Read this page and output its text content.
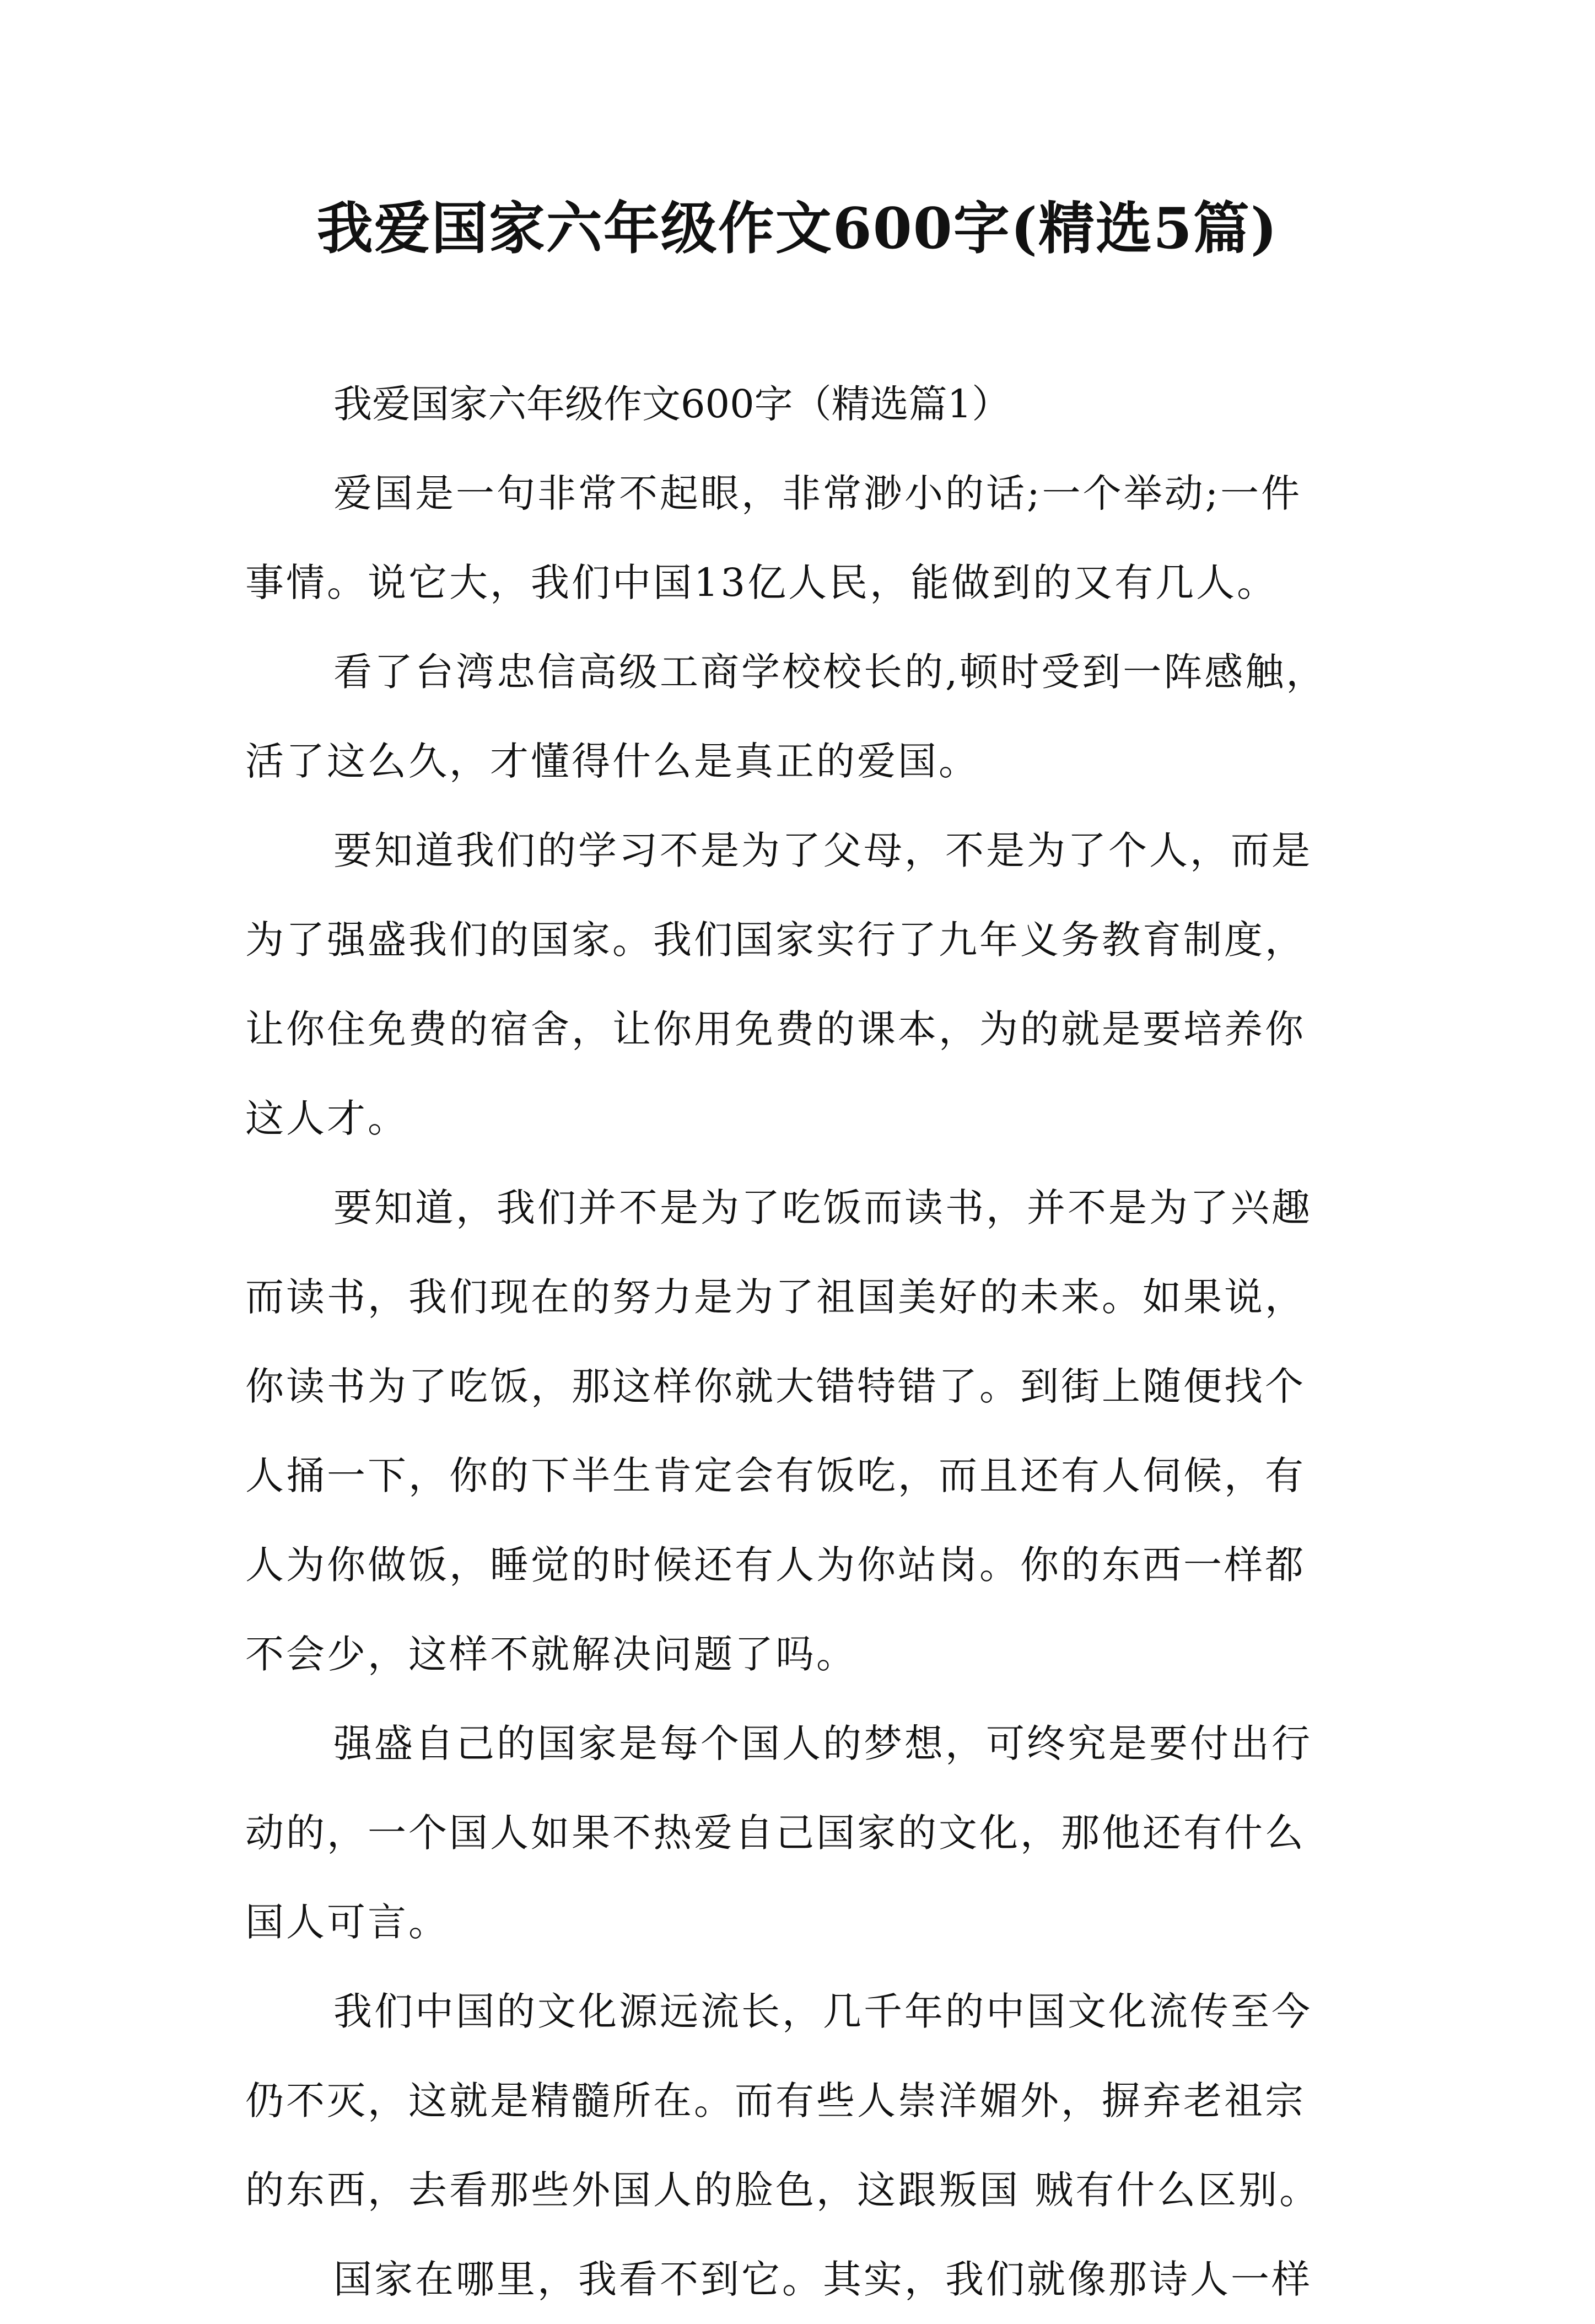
我爱国家六年级作文600字(精选5篇)

我爱国家六年级作文600字（精选篇1）

爱国是一句非常不起眼，非常渺小的话;一个举动;一件
事情。说它大，我们中国13亿人民，能做到的又有几人。

看了台湾忠信高级工商学校校长的,顿时受到一阵感触，
活了这么久，才懂得什么是真正的爱国。

要知道我们的学习不是为了父母，不是为了个人，而是
为了强盛我们的国家。我们国家实行了九年义务教育制度，
让你住免费的宿舍，让你用免费的课本，为的就是要培养你
这人才。

要知道，我们并不是为了吃饭而读书，并不是为了兴趣
而读书，我们现在的努力是为了祖国美好的未来。如果说，
你读书为了吃饭，那这样你就大错特错了。到街上随便找个
人捅一下，你的下半生肯定会有饭吃，而且还有人伺候，有
人为你做饭，睡觉的时候还有人为你站岗。你的东西一样都
不会少，这样不就解决问题了吗。

强盛自己的国家是每个国人的梦想，可终究是要付出行
动的，一个国人如果不热爱自己国家的文化，那他还有什么
国人可言。

我们中国的文化源远流长，几千年的中国文化流传至今
仍不灭，这就是精髓所在。而有些人崇洋媚外，摒弃老祖宗
的东西，去看那些外国人的脸色，这跟叛国 贼有什么区别。

国家在哪里，我看不到它。其实，我们就像那诗人一样
